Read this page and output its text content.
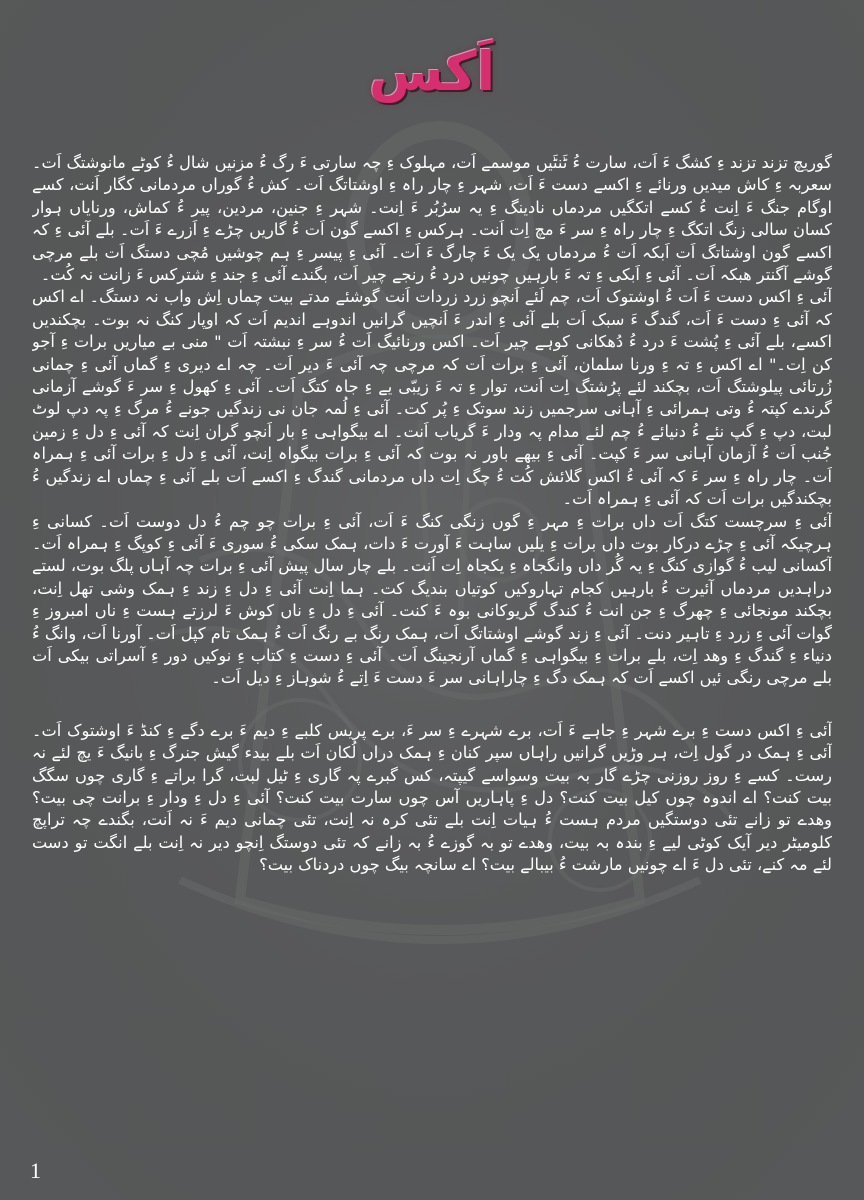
اَکس

گوریچ تزند تزند ءِ کشگ ءَ اَت، سارت ءُ ٹَنٹَیں موسمے اَت، مہلوک ءِ چہ سارتی ءَ رگ ءُ مزنیں شال ءُ کوٹے مانوشتگ اَت۔ سعربہ ءِ کاش میدیں ورنائے ءِ اکسے دست ءَ اَت، شہر ءِ چار راہ ءِ اوشتاتگ اَت۔ کش ءُ گوراں مردمانی کگار اَنت، کسے اوگام جنگ ءَ اِنت ءُ کسے اتکگیں مردماں نادینگ ءِ یہ سرُبُر ءَ اِنت۔ شہر ءِ جنین، مردین، پیر ءُ کماش، ورنایاں ہوار کسان سالی زنگ اتکگ ءِ چار راہ ءِ سر ءَ مچ اِت اَنت۔ ہرکس ءِ اکسے گون اَت ءُ گاریں چڑے ءِ اَزرے ءَ اَت۔ بلے آئی ءِ کہ اکسے گون اوشتاتگ اَت اَبکہ اَت ءُ مردماں یک یک ءَ چارگ ءَ اَت۔ آئی ءِ پیسر ءِ ہم چوشیں مُچی دستگ اَت بلے مرچی گوشے آگنتر ھبکہ اَت۔ آئی ءِ اَبکی ءِ تہ ءَ بارہیں چونیں درد ءُ رنجے چیر اَت، بگندے آئی ءِ جند ءِ شترکس ءَ زانت نہ کُت۔

آئی ءِ اکس دست ءَ اَت ءُ اوشتوک اَت، چم لَئے اَنچو زرد زردات اَنت گوشئے مدتے بیت چماں اِش واب نہ دستگ۔ اے اکس کہ آئی ءِ دست ءَ اَت، گندگ ءَ سبک اَت بلے آئی ءِ اندر ءَ اَنچیں گرانیں اندوہے اندیم اَت کہ اوپار کنگ نہ بوت۔ بچکندیں اکسے، بلے آئی ءِ پُشت ءَ درد ءُ دُھکانی کوہے چیر اَت۔ اکس ورنائیگ اَت ءُ سر ءِ نبشتہ اَت " منی بے میاریں برات ءِ آجو کن اِت۔" اے اکس ءِ تہ ءِ ورنا سلمان، آئی ءِ برات اَت کہ مرچی چہ آئی ءَ دیر اَت۔ چہ اے دیری ءِ گماں آئی ءِ چمانی زُرتائی پیلوشتگ اَت، بچکند لئے پرُشتگ اِت اَنت، توار ءِ تہ ءَ زیبّی یے ءِ جاہ کتگ اَت۔ آئی ءِ کھول ءِ سر ءَ گوشے آزمانی گرندے کپتہ ءُ وتی ہمرائی ءِ آہانی سرجمیں زند سوتک ءِ پُر کت۔ آئی ءِ لُمہ جان نی زندگیں جونے ءُ مرگ ءِ پہ دپ لوٹ لبت، دپ ءِ گپ نئے ءُ دنیائے ءُ چم لئے مدام پہ ودار ءَ گریاب اَنت۔ اے بیگواہی ءِ بار اَنچو گران اِنت کہ آئی ءِ دل ءِ زمین جُنب اَت ءُ آزمان آہانی سر ءَ کپت۔ آئی ءِ بیھے باور نہ بوت کہ آئی ءِ برات بیگواہ اِنت، آئی ءِ دل ءِ برات آئی ءِ ہمراہ اَت۔ چار راہ ءِ سر ءَ کہ آئی ءُ اکس گلائش کُت ءُ چگ اِت داں مردمانی گندگ ءِ اکسے اَت بلے آئی ءِ چماں اے زندگیں ءُ بچکندگیں برات اَت کہ آئی ءِ ہمراہ اَت۔

آئی ءِ سرچست کتگ اَت داں برات ءِ مہر ءِ گوں زنگی کنگ ءَ اَت، آئی ءِ برات چو چم ءُ دل دوست اَت۔ کسانی ءِ ہرچیکہ آئی ءِ چڑے درکار بوت داں برات ءِ یلیں ساہت ءَ آورت ءَ دات، ہمک سکی ءُ سوری ءَ آئی ءِ کوپگ ءِ ہمراہ اَت۔ آکسانی لیب ءُ گوازی کنگ ءِ یہ گُر داں وانگجاہ ءِ یکجاہ اِت اَنت۔ بلے چار سال پیش آئی ءِ برات چہ آہاں پلگ بوت، لستے دراہدیں مردماں آئیرت ءُ بارہیں کجام تہاروکیں کوتیاں بندیگ کت۔ ہما اِنت آئی ءِ دل ءِ زند ءِ ہمک وشی تھل اِنت، بچکند مونجائی ءِ چھرگ ءِ جن انت ءُ کندگ گریوکانی بوہ ءَ کنت۔ آئی ءِ دل ءِ ناں کوش ءَ لرزتے ہست ءِ ناں امبروز ءِ گوات آئی ءِ زرد ءِ تاہیر دنت۔ آئی ءِ زند گوشے اوشتاتگ اَت، ہمک رنگ بے رنگ اَت ءُ ہمک تام کپل اَت۔ آورنا اَت، وانگ ءُ دنیاء ءِ گندگ ءِ وھد اِت، بلے برات ءِ بیگواہی ءِ گماں آرنجینگ اَت۔ آئی ءِ دست ءِ کتاب ءِ نوکیں دور ءِ آسراتی بیکی اَت بلے مرچی رنگی ئیں اکسے اَت کہ ہمک دگ ءِ چاراہانی سر ءَ دست ءَ اِتے ءُ شوہاز ءِ دیل اَت۔

آئی ءِ اکس دست ءِ برے شہر ءِ جاہے ءَ اَت، برے شہرے ءِ سر ءَ، برے پریس کلبے ءِ دیم ءَ برے دگے ءِ کنڈ ءَ اوشتوک اَت۔ آئی ءِ ہمک در گول اِت، ہر وڑیں گرانیں راہاں سپر کنان ءِ ہمک دراں لُکان اَت بلے بیدء گیش جنرگ ءِ بانیگ ءَ یچ لئے نہ رست۔ کسے ءِ روز روزنی چڑے گار بہ بیت وسواسے گیپتہ، کس گبرے پہ گاری ءِ ٹیل لبت، گرا براتے ءِ گاری چوں سگگ بیت کنت؟ اے اندوہ چوں کیل بیت کنت؟ دل ءِ پاہاریں آس چوں سارت بیت کنت؟ آئی ءِ دل ءِ ودار ءِ برانت چی بیت؟ وھدے تو زانے تئی دوستگیں مردم ہست ءُ ہیات اِنت بلے تئی کرہ نہ اِنت، تئی چمانی دیم ءَ نہ اَنت، بگندے چہ تراپچ کلومیٹر دیر آیک کوٹی لیے ءِ بندہ بہ بیت، وھدے تو بہ گوزے ءُ بہ زانے کہ تئی دوستگ اِنچو دیر نہ اِنت بلے انگت تو دست لئے مہ کنے، تئی دل ءَ اے چونیں مارشت ءُ بیبالے بیت؟ اے سانچہ بیگ چوں دردناک بیت؟

1
